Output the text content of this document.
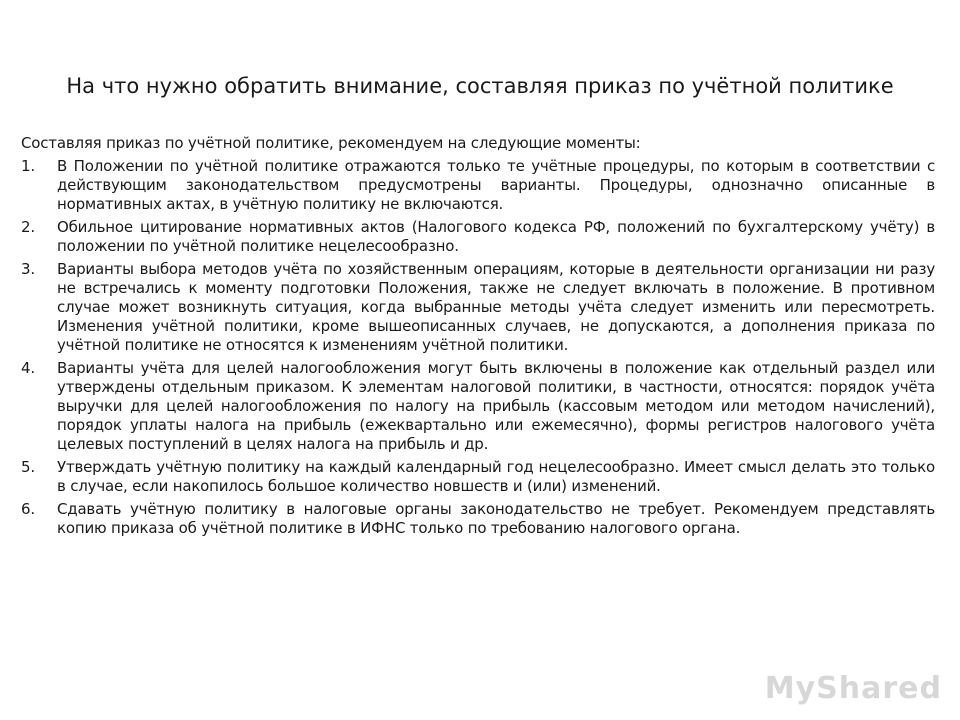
На что нужно обратить внимание, составляя приказ по учётной политике

Составляя приказ по учётной политике, рекомендуем на следующие моменты:

1.	В Положении по учётной политике отражаются только те учётные процедуры, по которым в соответствии с действующим законодательством предусмотрены варианты. Процедуры, однозначно описанные в нормативных актах, в учётную политику не включаются.
2.	Обильное цитирование нормативных актов (Налогового кодекса РФ, положений по бухгалтерскому учёту) в положении по учётной политике нецелесообразно.
3.	Варианты выбора методов учёта по хозяйственным операциям, которые в деятельности организации ни разу не встречались к моменту подготовки Положения, также не следует включать в положение. В противном случае может возникнуть ситуация, когда выбранные методы учёта следует изменить или пересмотреть. Изменения учётной политики, кроме вышеописанных случаев, не допускаются, а дополнения приказа по учётной политике не относятся к изменениям учётной политики.
4.	Варианты учёта для целей налогообложения могут быть включены в положение как отдельный раздел или утверждены отдельным приказом. К элементам налоговой политики, в частности, относятся: порядок учёта выручки для целей налогообложения по налогу на прибыль (кассовым методом или методом начислений), порядок уплаты налога на прибыль (ежеквартально или ежемесячно), формы регистров налогового учёта целевых поступлений в целях налога на прибыль и др.
5.	Утверждать учётную политику на каждый календарный год нецелесообразно. Имеет смысл делать это только в случае, если накопилось большое количество новшеств и (или) изменений.
6.	Сдавать учётную политику в налоговые органы законодательство не требует. Рекомендуем представлять копию приказа об учётной политике в ИФНС только по требованию налогового органа.
MyShared
